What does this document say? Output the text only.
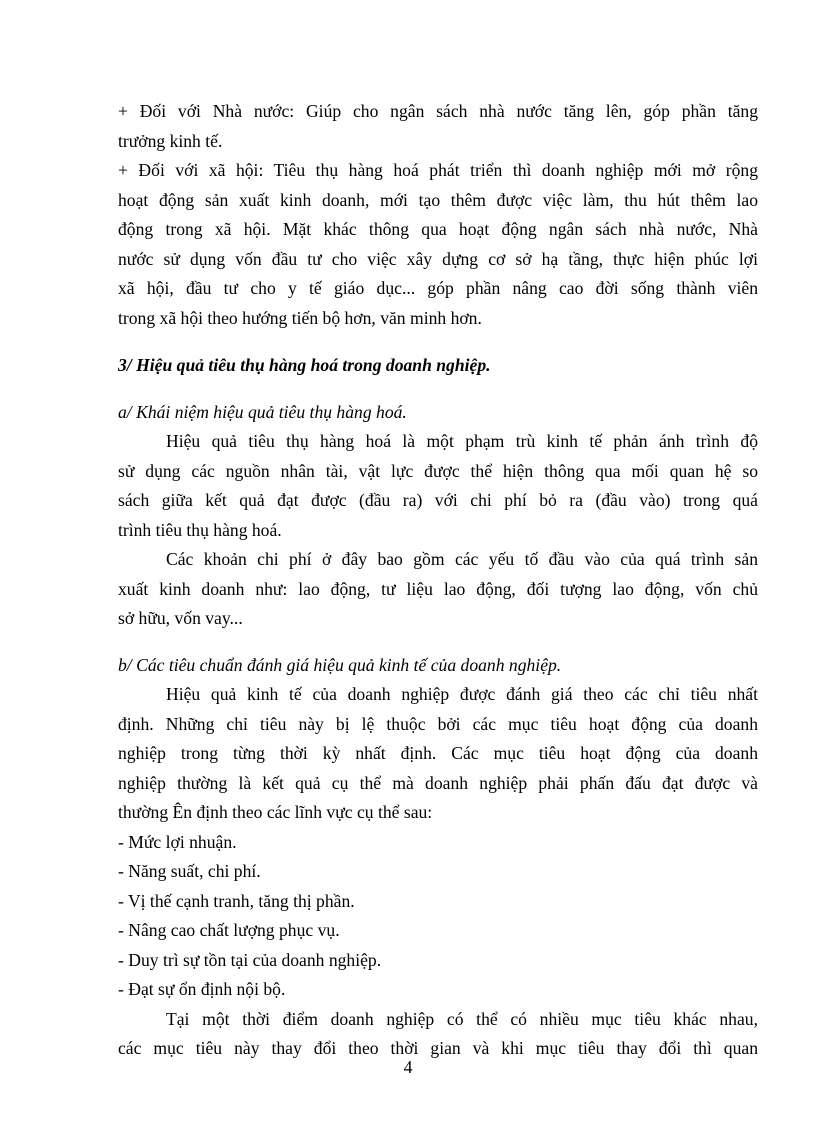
+ Đối với Nhà nước: Giúp cho ngân sách nhà nước tăng lên, góp phần tăng
trưởng kinh tế.
+ Đối với xã hội: Tiêu thụ hàng hoá phát triển thì doanh nghiệp mới mở rộng
hoạt động sản xuất kinh doanh, mới tạo thêm được việc làm, thu hút thêm lao
động trong xã hội. Mặt khác thông qua hoạt động ngân sách nhà nước, Nhà
nước sử dụng vốn đầu tư cho việc xây dựng cơ sở hạ tầng, thực hiện phúc lợi
xã hội, đầu tư cho y tế giáo dục... góp phần nâng cao đời sống thành viên
trong xã hội theo hướng tiến bộ hơn, văn minh hơn.
3/ Hiệu quả tiêu thụ hàng hoá trong doanh nghiệp.
a/ Khái niệm hiệu quả tiêu thụ hàng hoá.
Hiệu quả tiêu thụ hàng hoá là một phạm trù kinh tế phản ánh trình độ
sử dụng các nguồn nhân tài, vật lực được thể hiện thông qua mối quan hệ so
sách giữa kết quả đạt được (đầu ra) với chi phí bỏ ra (đầu vào) trong quá
trình tiêu thụ hàng hoá.
Các khoản chi phí ở đây bao gồm các yếu tố đầu vào của quá trình sản
xuất kinh doanh như: lao động, tư liệu lao động, đối tượng lao động, vốn chủ
sở hữu, vốn vay...
b/ Các tiêu chuẩn đánh giá hiệu quả kinh tế của doanh nghiệp.
Hiệu quả kinh tế của doanh nghiệp được đánh giá theo các chỉ tiêu nhất
định. Những chỉ tiêu này bị lệ thuộc bởi các mục tiêu hoạt động của doanh
nghiệp trong từng thời kỳ nhất định. Các mục tiêu hoạt động của doanh
nghiệp thường là kết quả cụ thể mà doanh nghiệp phải phấn đấu đạt được và
thường Ên định theo các lĩnh vực cụ thể sau:
- Mức lợi nhuận.
- Năng suất, chi phí.
- Vị thế cạnh tranh, tăng thị phần.
- Nâng cao chất lượng phục vụ.
- Duy trì sự tồn tại của doanh nghiệp.
- Đạt sự ổn định nội bộ.
Tại một thời điểm doanh nghiệp có thể có nhiều mục tiêu khác nhau,
các mục tiêu này thay đổi theo thời gian và khi mục tiêu thay đổi thì quan
4
